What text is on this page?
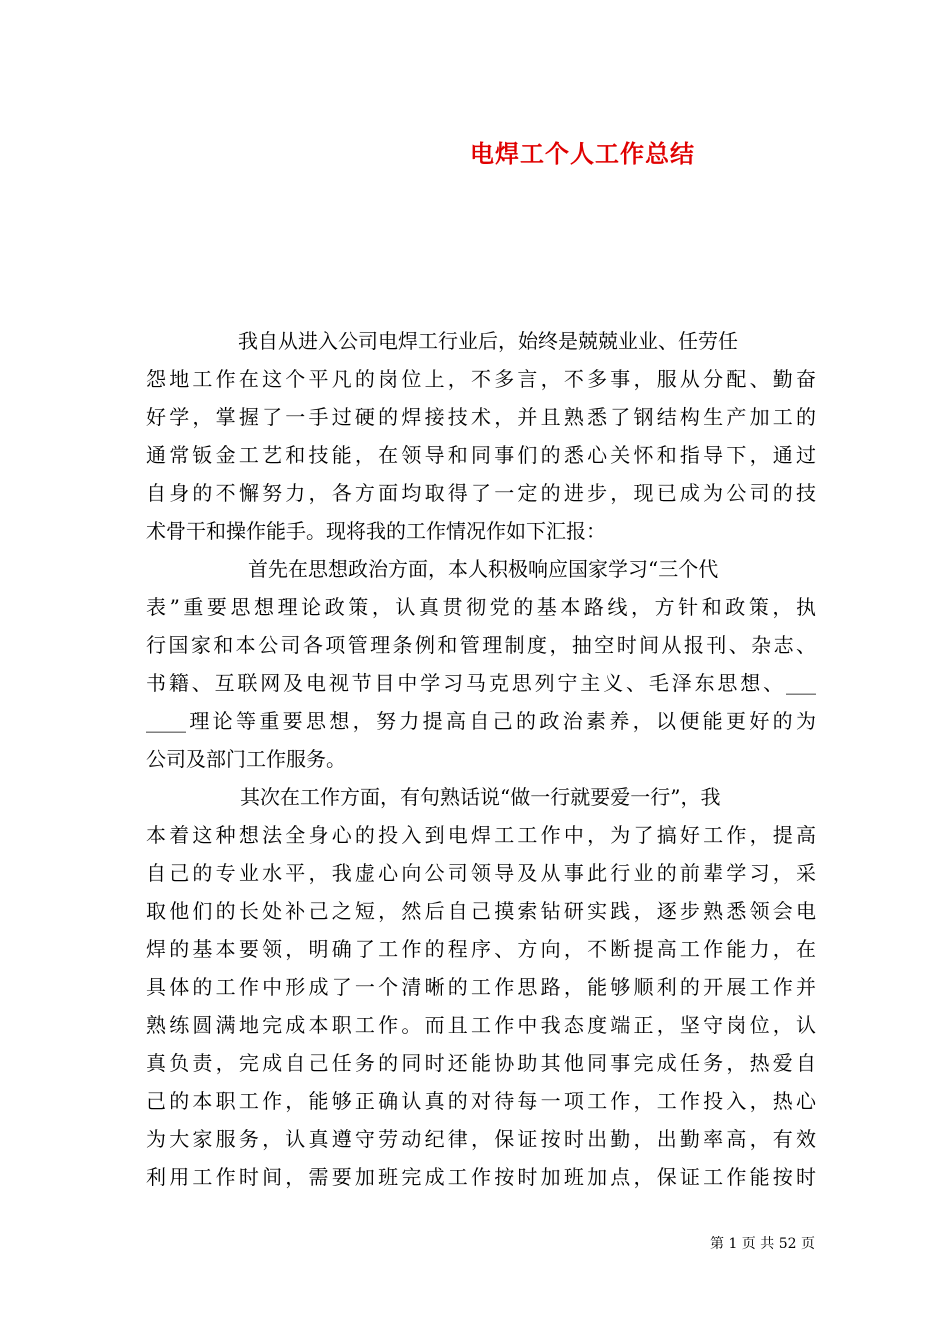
电焊工个人工作总结
我自从进入公司电焊工行业后，始终是兢兢业业、任劳任
怨地工作在这个平凡的岗位上，不多言，不多事，服从分配、勤奋
好学，掌握了一手过硬的焊接技术，并且熟悉了钢结构生产加工的
通常钣金工艺和技能，在领导和同事们的悉心关怀和指导下，通过
自身的不懈努力，各方面均取得了一定的进步，现已成为公司的技
术骨干和操作能手。现将我的工作情况作如下汇报：
首先在思想政治方面，本人积极响应国家学习“三个代
表”重要思想理论政策，认真贯彻党的基本路线，方针和政策，执
行国家和本公司各项管理条例和管理制度，抽空时间从报刊、杂志、
书籍、互联网及电视节目中学习马克思列宁主义、毛泽东思想、___
____理论等重要思想，努力提高自己的政治素养，以便能更好的为
公司及部门工作服务。
其次在工作方面，有句熟话说“做一行就要爱一行”，我
本着这种想法全身心的投入到电焊工工作中，为了搞好工作，提高
自己的专业水平，我虚心向公司领导及从事此行业的前辈学习，采
取他们的长处补己之短，然后自己摸索钻研实践，逐步熟悉领会电
焊的基本要领，明确了工作的程序、方向，不断提高工作能力，在
具体的工作中形成了一个清晰的工作思路，能够顺利的开展工作并
熟练圆满地完成本职工作。而且工作中我态度端正，坚守岗位，认
真负责，完成自己任务的同时还能协助其他同事完成任务，热爱自
己的本职工作，能够正确认真的对待每一项工作，工作投入，热心
为大家服务，认真遵守劳动纪律，保证按时出勤，出勤率高，有效
利用工作时间，需要加班完成工作按时加班加点，保证工作能按时
第 1 页 共 52 页
